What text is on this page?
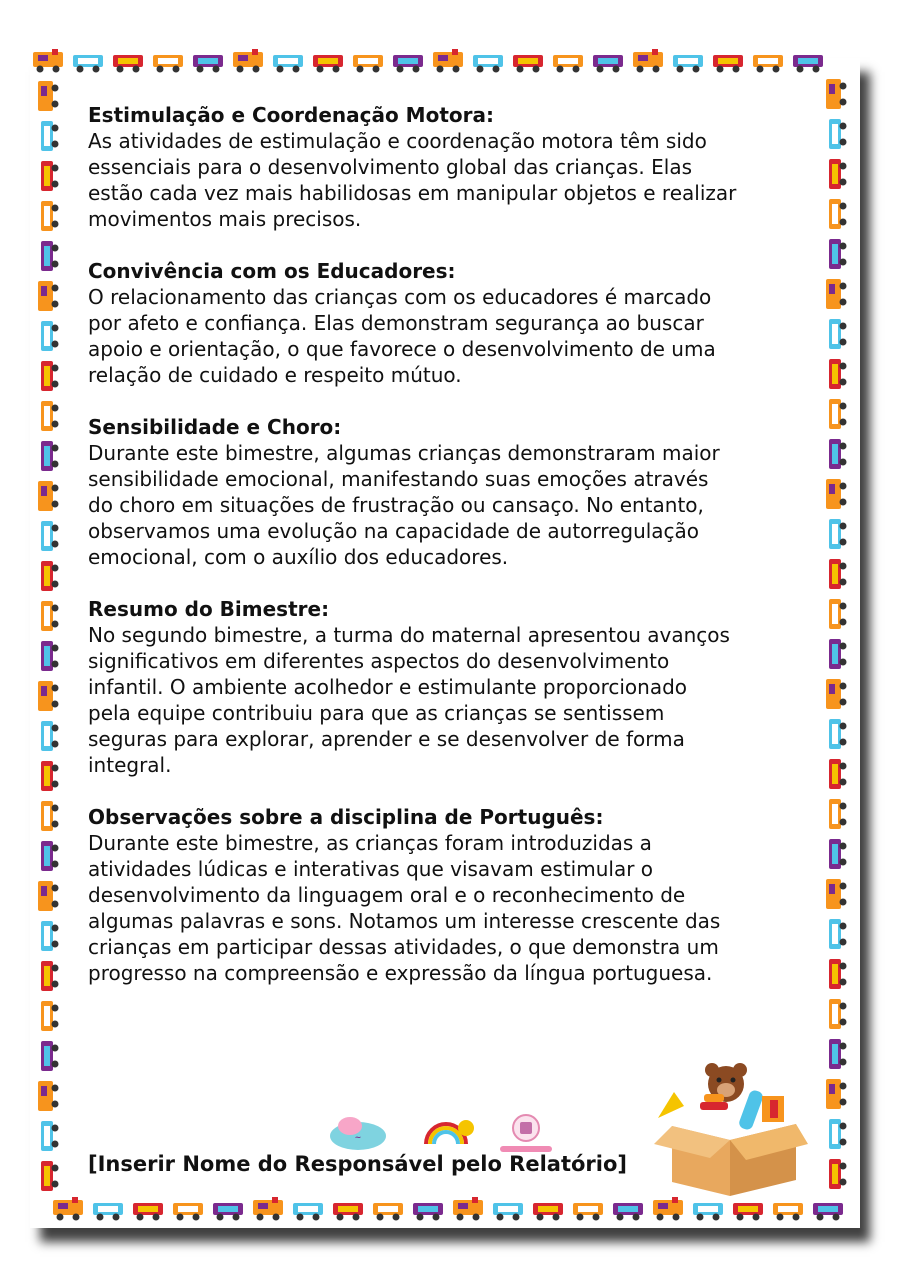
Estimulação e Coordenação Motora:

As atividades de estimulação e coordenação motora têm sido
essenciais para o desenvolvimento global das crianças. Elas
estão cada vez mais habilidosas em manipular objetos e realizar
movimentos mais precisos.

Convivência com os Educadores:

O relacionamento das crianças com os educadores é marcado
por afeto e confiança. Elas demonstram segurança ao buscar
apoio e orientação, o que favorece o desenvolvimento de uma
relação de cuidado e respeito mútuo.

Sensibilidade e Choro:

Durante este bimestre, algumas crianças demonstraram maior
sensibilidade emocional, manifestando suas emoções através
do choro em situações de frustração ou cansaço. No entanto,
observamos uma evolução na capacidade de autorregulação
emocional, com o auxílio dos educadores.

Resumo do Bimestre:

No segundo bimestre, a turma do maternal apresentou avanços
significativos em diferentes aspectos do desenvolvimento
infantil. O ambiente acolhedor e estimulante proporcionado
pela equipe contribuiu para que as crianças se sentissem
seguras para explorar, aprender e se desenvolver de forma
integral.

Observações sobre a disciplina de Português:

Durante este bimestre, as crianças foram introduzidas a
atividades lúdicas e interativas que visavam estimular o
desenvolvimento da linguagem oral e o reconhecimento de
algumas palavras e sons. Notamos um interesse crescente das
crianças em participar dessas atividades, o que demonstra um
progresso na compreensão e expressão da língua portuguesa.

~
[Inserir Nome do Responsável pelo Relatório]
